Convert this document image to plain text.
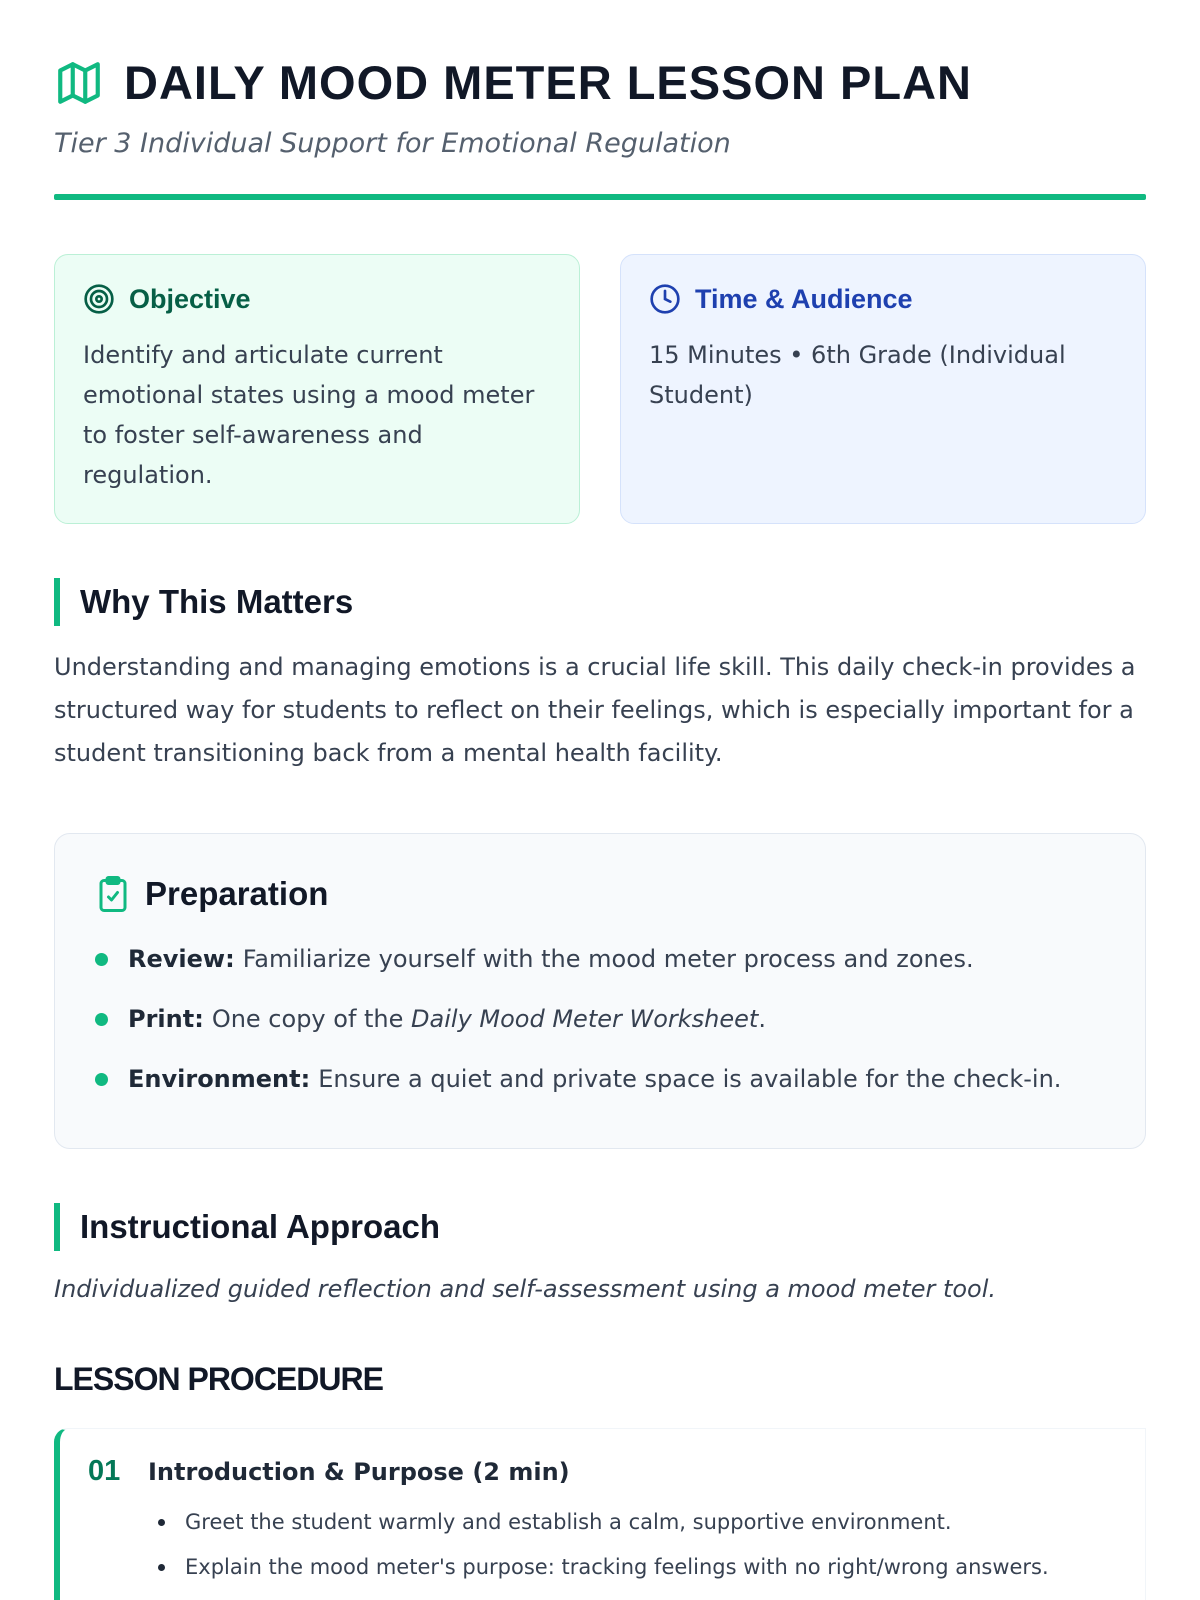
DAILY MOOD METER LESSON PLAN

Tier 3 Individual Support for Emotional Regulation

Objective

Identify and articulate current emotional states using a mood meter to foster self-awareness and regulation.

Time & Audience

15 Minutes • 6th Grade (Individual Student)

Why This Matters

Understanding and managing emotions is a crucial life skill. This daily check-in provides a structured way for students to reflect on their feelings, which is especially important for a student transitioning back from a mental health facility.

Preparation
Review: Familiarize yourself with the mood meter process and zones.
Print: One copy of the Daily Mood Meter Worksheet.
Environment: Ensure a quiet and private space is available for the check-in.
Instructional Approach

Individualized guided reflection and self-assessment using a mood meter tool.

LESSON PROCEDURE
01	Introduction & Purpose (2 min)
Greet the student warmly and establish a calm, supportive environment.
Explain the mood meter's purpose: tracking feelings with no right/wrong answers.
